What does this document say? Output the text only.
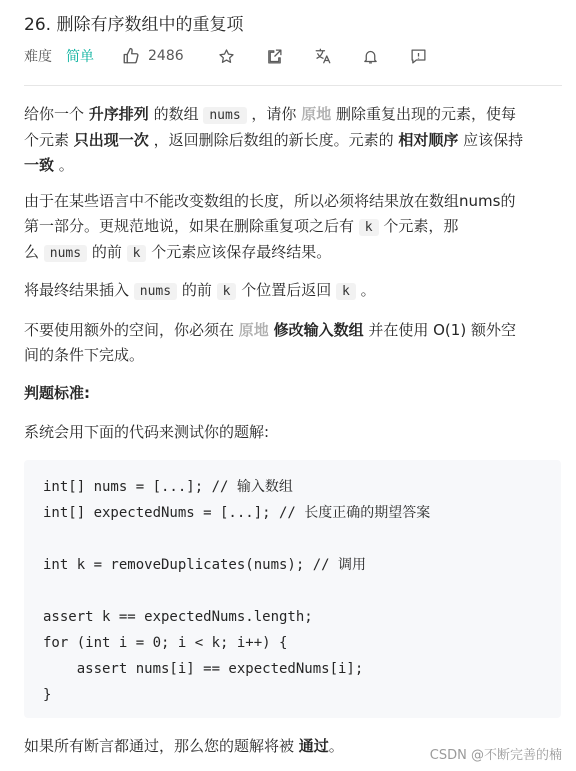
26. 删除有序数组中的重复项
难度 简单	2486
给你一个 升序排列 的数组 nums ，请你 原地 删除重复出现的元素，使每
个元素 只出现一次 ，返回删除后数组的新长度。元素的 相对顺序 应该保持
一致 。
由于在某些语言中不能改变数组的长度，所以必须将结果放在数组nums的
第一部分。更规范地说，如果在删除重复项之后有 k 个元素，那
么 nums 的前 k 个元素应该保存最终结果。
将最终结果插入 nums 的前 k 个位置后返回 k 。
不要使用额外的空间，你必须在 原地 修改输入数组 并在使用 O(1) 额外空
间的条件下完成。
判题标准:
系统会用下面的代码来测试你的题解:
int[] nums = [...]; // 输入数组
int[] expectedNums = [...]; // 长度正确的期望答案

int k = removeDuplicates(nums); // 调用

assert k == expectedNums.length;
for (int i = 0; i < k; i++) {
assert nums[i] == expectedNums[i];
}
如果所有断言都通过，那么您的题解将被 通过。
CSDN @不断完善的楠
